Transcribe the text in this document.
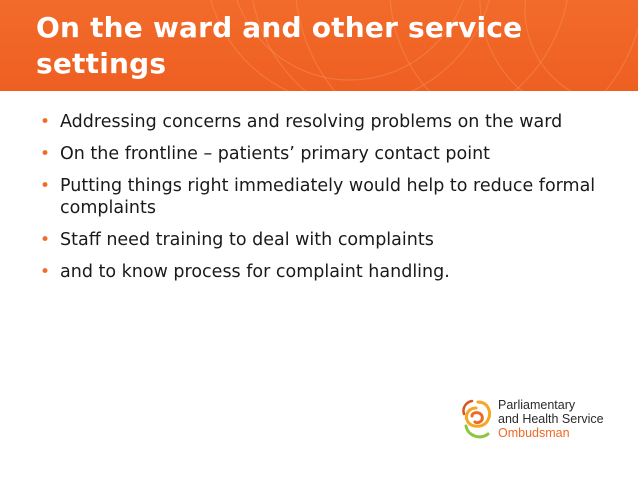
On the ward and other service settings
• Addressing concerns and resolving problems on the ward
• On the frontline – patients’ primary contact point
• Putting things right immediately would help to reduce formal complaints
• Staff need training to deal with complaints
• and to know process for complaint handling.
Parliamentary
and Health Service
Ombudsman
